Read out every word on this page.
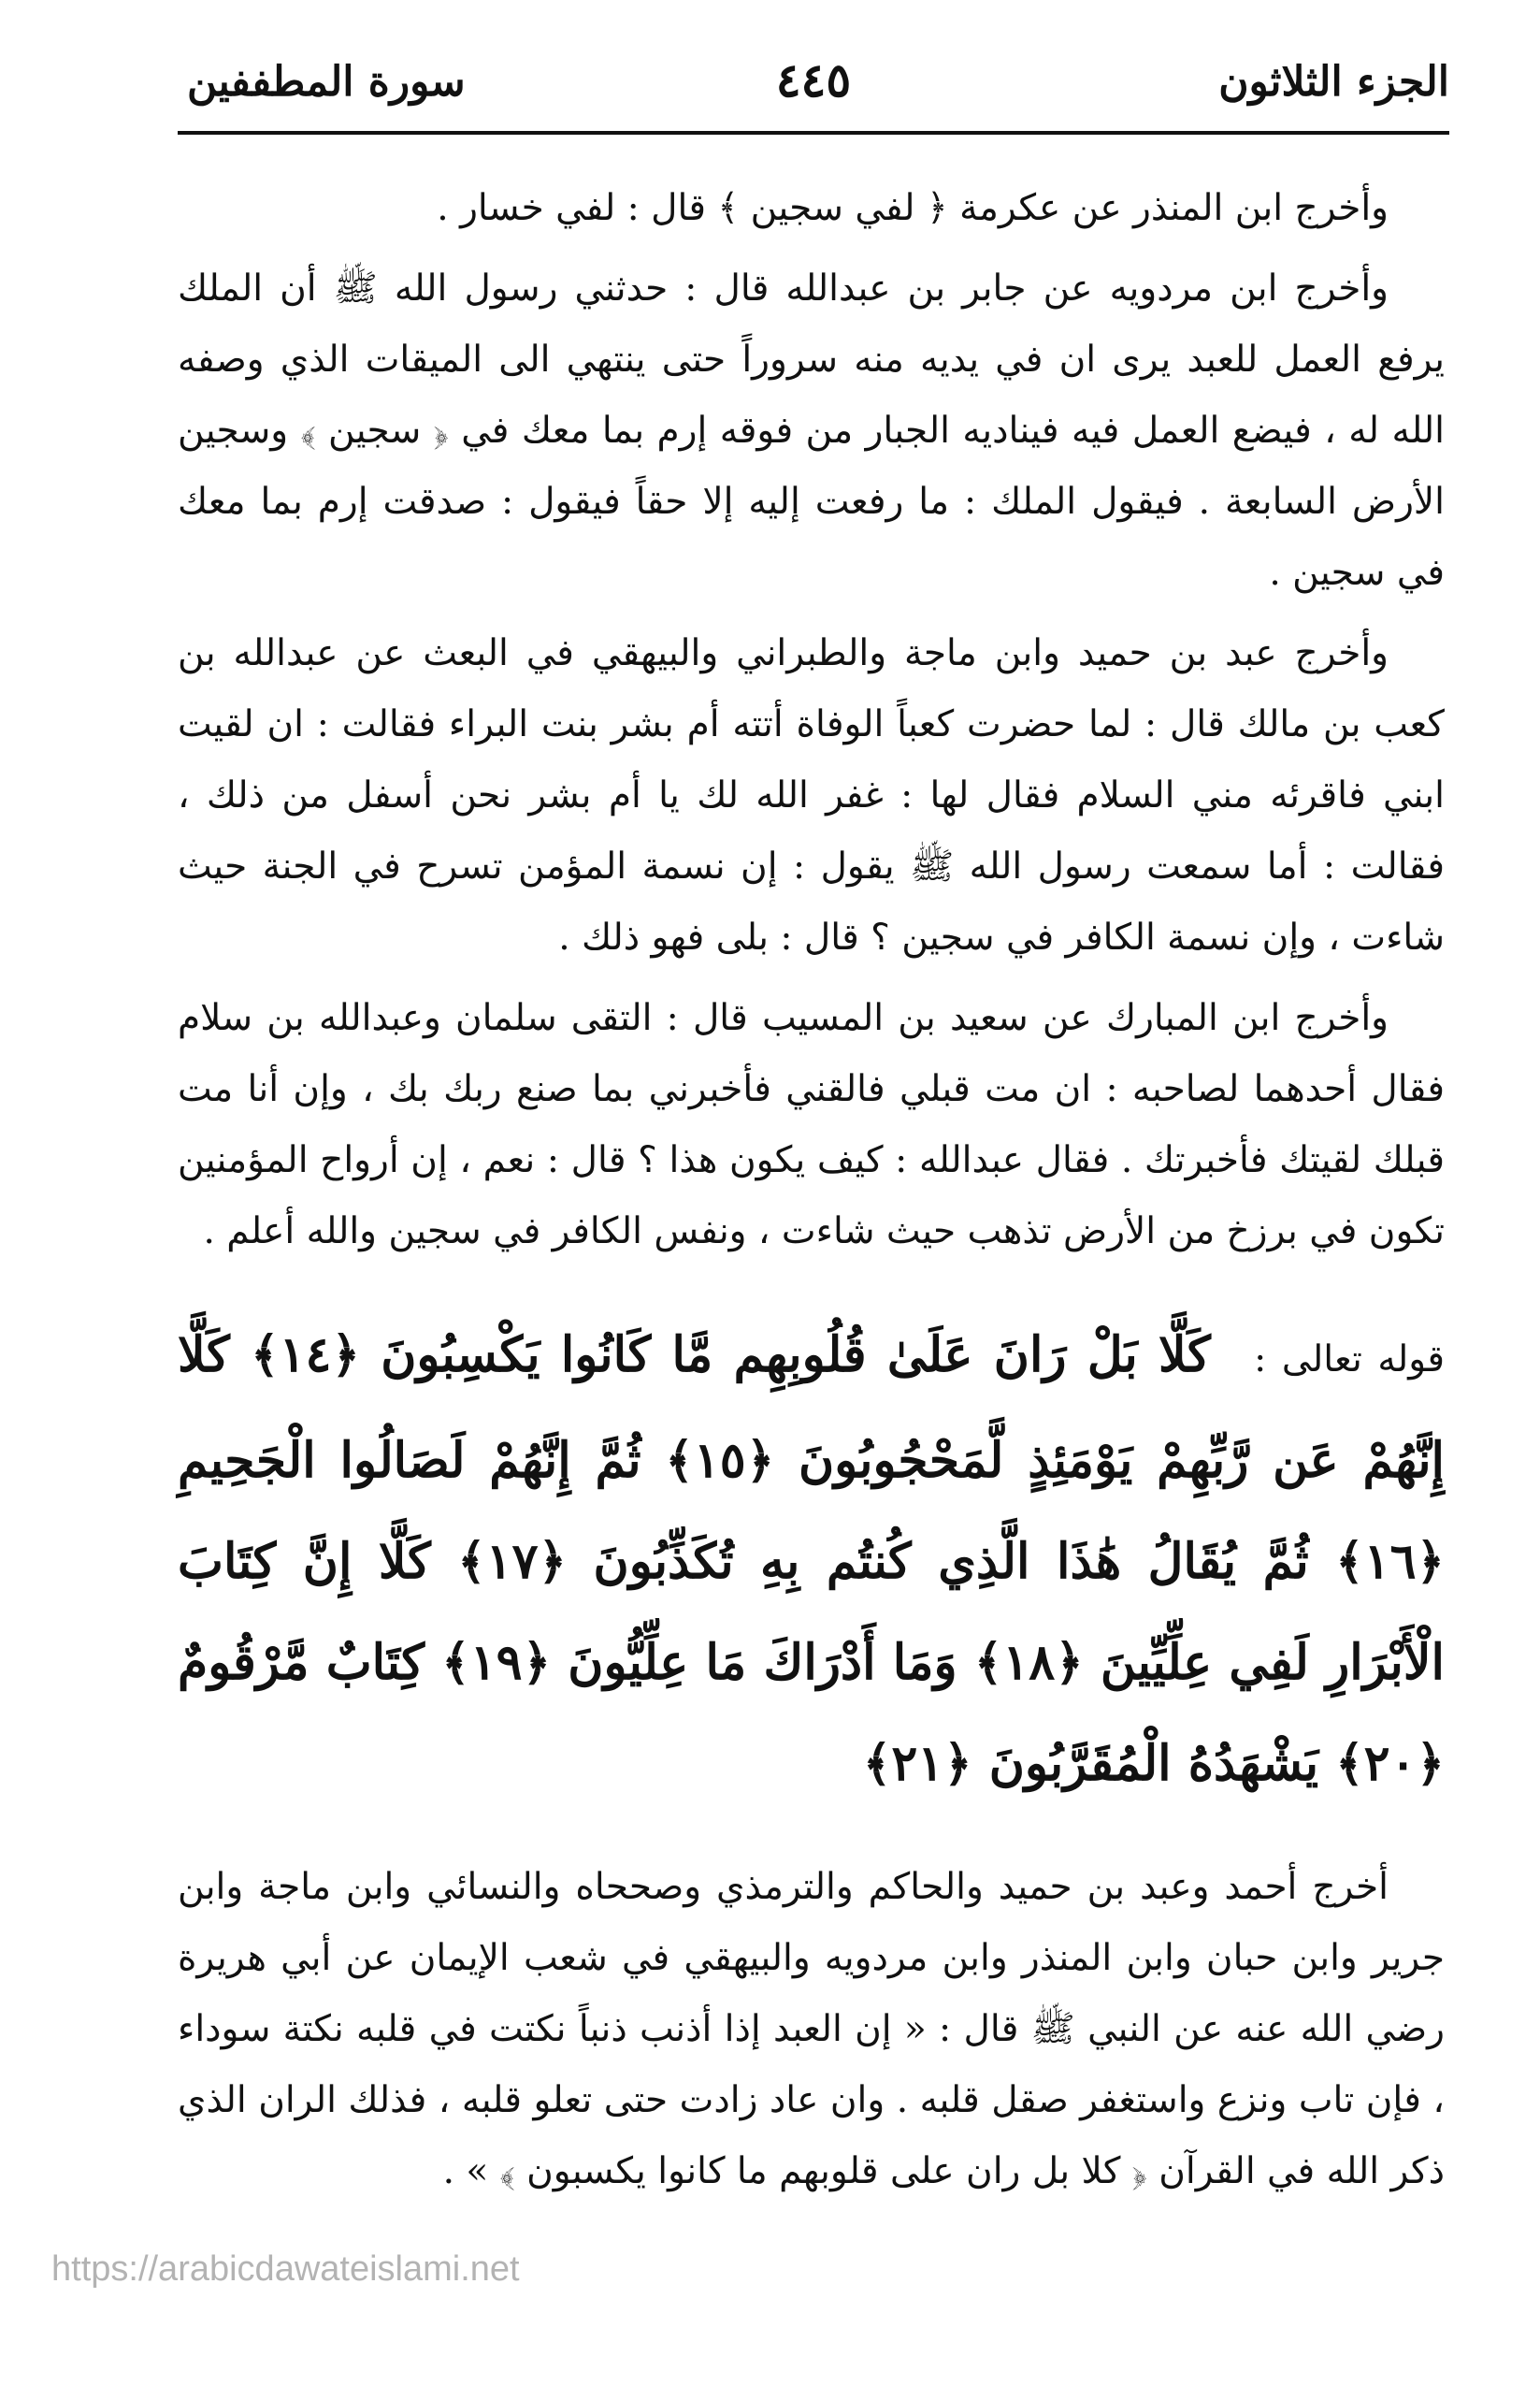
الجزء الثلاثون
٤٤٥
سورة المطففين

وأخرج ابن المنذر عن عكرمة ﴿ لفي سجين ﴾ قال : لفي خسار .

وأخرج ابن مردويه عن جابر بن عبدالله قال : حدثني رسول الله ﷺ أن الملك يرفع العمل للعبد يرى ان في يديه منه سروراً حتى ينتهي الى الميقات الذي وصفه الله له ، فيضع العمل فيه فيناديه الجبار من فوقه إرم بما معك في ﴿ سجين ﴾ وسجين الأرض السابعة . فيقول الملك : ما رفعت إليه إلا حقاً فيقول : صدقت إرم بما معك في سجين .

وأخرج عبد بن حميد وابن ماجة والطبراني والبيهقي في البعث عن عبدالله بن كعب بن مالك قال : لما حضرت كعباً الوفاة أتته أم بشر بنت البراء فقالت : ان لقيت ابني فاقرئه مني السلام فقال لها : غفر الله لك يا أم بشر نحن أسفل من ذلك ، فقالت : أما سمعت رسول الله ﷺ يقول : إن نسمة المؤمن تسرح في الجنة حيث شاءت ، وإن نسمة الكافر في سجين ؟ قال : بلى فهو ذلك .

وأخرج ابن المبارك عن سعيد بن المسيب قال : التقى سلمان وعبدالله بن سلام فقال أحدهما لصاحبه : ان مت قبلي فالقني فأخبرني بما صنع ربك بك ، وإن أنا مت قبلك لقيتك فأخبرتك . فقال عبدالله : كيف يكون هذا ؟ قال : نعم ، إن أرواح المؤمنين تكون في برزخ من الأرض تذهب حيث شاءت ، ونفس الكافر في سجين والله أعلم .

قوله تعالى : كَلَّا بَلْ رَانَ عَلَىٰ قُلُوبِهِم مَّا كَانُوا يَكْسِبُونَ ﴿١٤﴾ كَلَّا إِنَّهُمْ عَن رَّبِّهِمْ يَوْمَئِذٍ لَّمَحْجُوبُونَ ﴿١٥﴾ ثُمَّ إِنَّهُمْ لَصَالُوا الْجَحِيمِ ﴿١٦﴾ ثُمَّ يُقَالُ هَٰذَا الَّذِي كُنتُم بِهِ تُكَذِّبُونَ ﴿١٧﴾ كَلَّا إِنَّ كِتَابَ الْأَبْرَارِ لَفِي عِلِّيِّينَ ﴿١٨﴾ وَمَا أَدْرَاكَ مَا عِلِّيُّونَ ﴿١٩﴾ كِتَابٌ مَّرْقُومٌ ﴿٢٠﴾ يَشْهَدُهُ الْمُقَرَّبُونَ ﴿٢١﴾

أخرج أحمد وعبد بن حميد والحاكم والترمذي وصححاه والنسائي وابن ماجة وابن جرير وابن حبان وابن المنذر وابن مردويه والبيهقي في شعب الإيمان عن أبي هريرة رضي الله عنه عن النبي ﷺ قال : « إن العبد إذا أذنب ذنباً نكتت في قلبه نكتة سوداء ، فإن تاب ونزع واستغفر صقل قلبه . وان عاد زادت حتى تعلو قلبه ، فذلك الران الذي ذكر الله في القرآن ﴿ كلا بل ران على قلوبهم ما كانوا يكسبون ﴾ » .

https://arabicdawateislami.net
